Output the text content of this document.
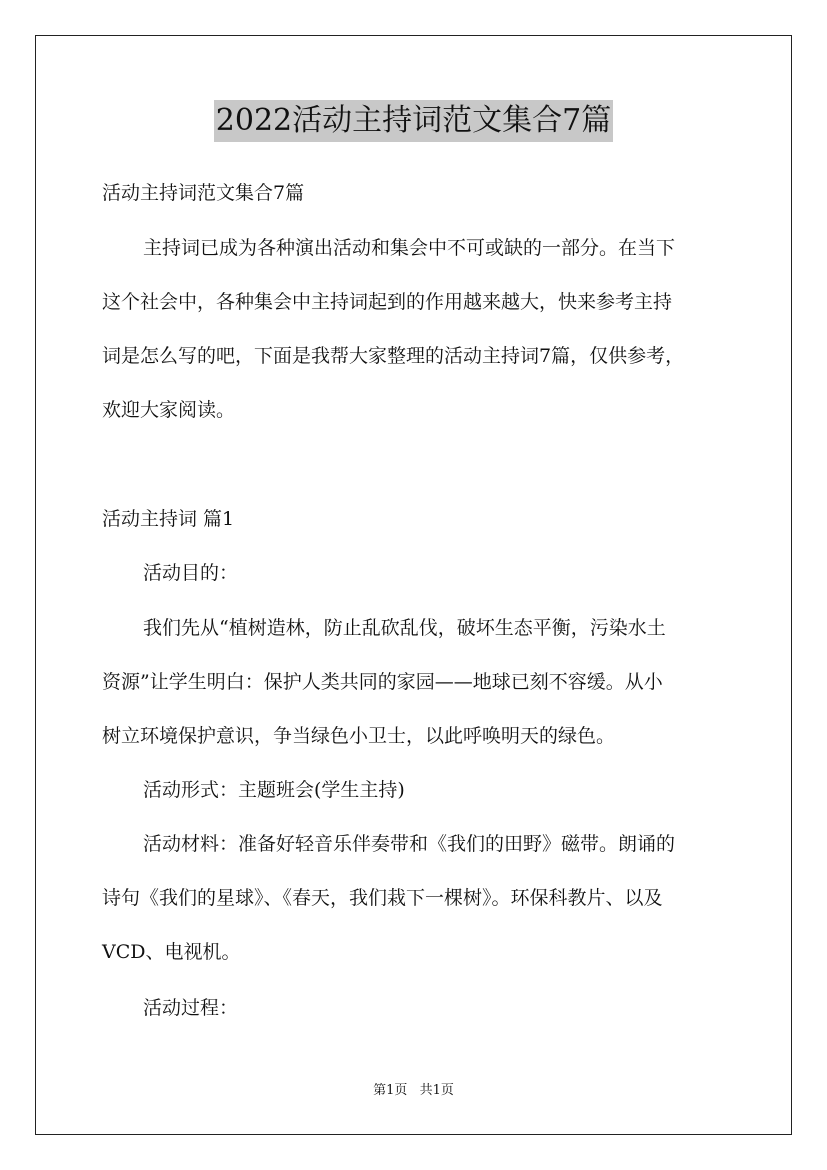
2022活动主持词范文集合7篇
活动主持词范文集合7篇
主持词已成为各种演出活动和集会中不可或缺的一部分。在当下
这个社会中，各种集会中主持词起到的作用越来越大，快来参考主持
词是怎么写的吧，下面是我帮大家整理的活动主持词7篇，仅供参考，
欢迎大家阅读。
活动主持词 篇1
活动目的：
我们先从“植树造林，防止乱砍乱伐，破坏生态平衡，污染水土
资源”让学生明白：保护人类共同的家园——地球已刻不容缓。从小
树立环境保护意识，争当绿色小卫士，以此呼唤明天的绿色。
活动形式：主题班会(学生主持)
活动材料：准备好轻音乐伴奏带和《我们的田野》磁带。朗诵的
诗句《我们的星球》、《春天，我们栽下一棵树》。环保科教片、以及
VCD、电视机。
活动过程：
第1页 共1页
